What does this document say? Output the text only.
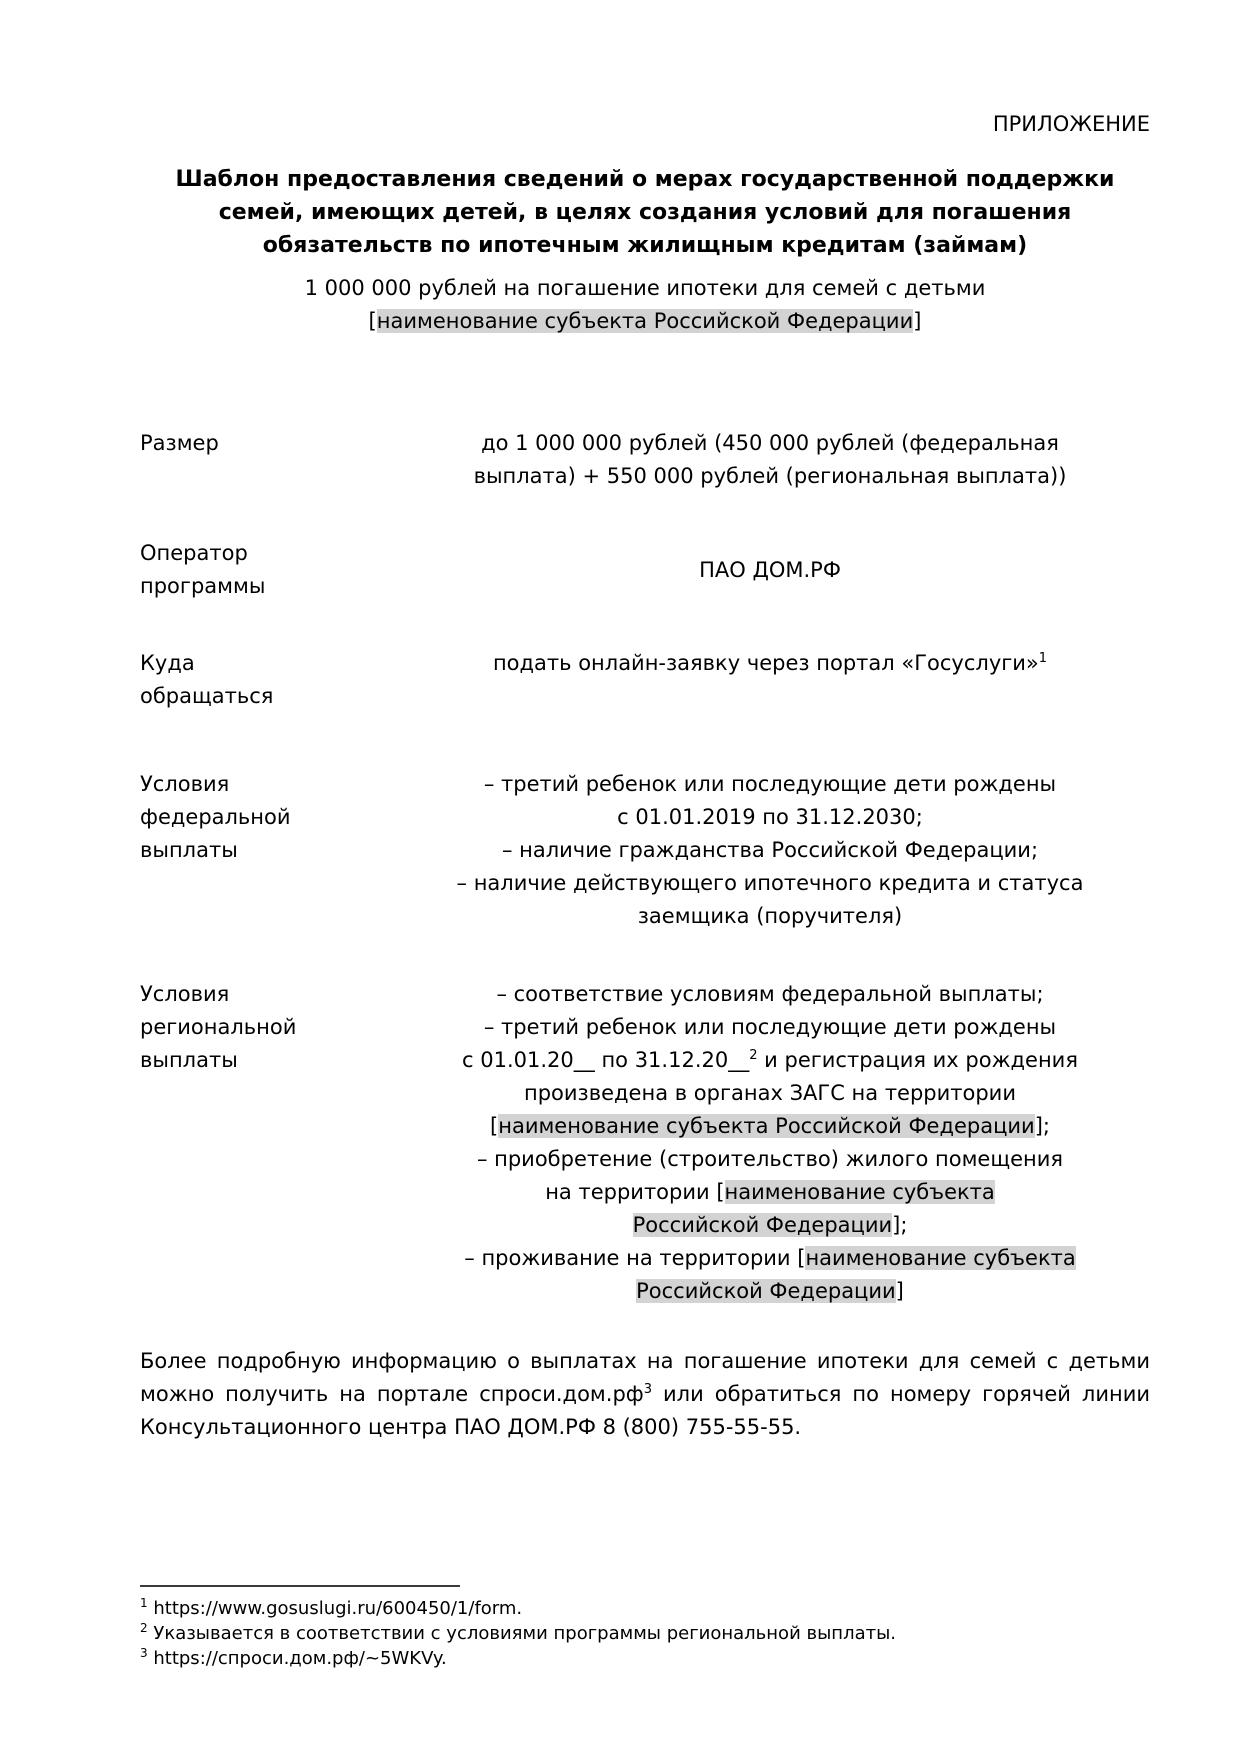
ПРИЛОЖЕНИЕ
Шаблон предоставления сведений о мерах государственной поддержки
семей, имеющих детей, в целях создания условий для погашения
обязательств по ипотечным жилищным кредитам (займам)
1 000 000 рублей на погашение ипотеки для семей с детьми
[наименование субъекта Российской Федерации]
Размер	до 1 000 000 рублей (450 000 рублей (федеральная
выплата) + 550 000 рублей (региональная выплата))
Оператор программы
ПАО ДОМ.РФ
Куда обращаться
подать онлайн-заявку через портал «Госуслуги»$^1$
Условия федеральной выплаты
– третий ребенок или последующие дети рождены
с 01.01.2019 по 31.12.2030;
– наличие гражданства Российской Федерации;
– наличие действующего ипотечного кредита и статуса
заемщика (поручителя)
Условия региональной выплаты
– соответствие условиям федеральной выплаты;
– третий ребенок или последующие дети рождены
с 01.01.20__ по 31.12.20__$^2$ и регистрация их рождения
произведена в органах ЗАГС на территории
[наименование субъекта Российской Федерации];
– приобретение (строительство) жилого помещения
на территории [наименование субъекта
Российской Федерации];
– проживание на территории [наименование субъекта
Российской Федерации]
Более подробную информацию о выплатах на погашение ипотеки для семей с детьми можно получить на портале $спроси.дом.рф^3$ или обратиться по номеру горячей линии Консультационного центра ПАО ДОМ.РФ 8 (800) 755-55-55.
$^1$ https://www.gosuslugi.ru/600450/1/form.
$^2$ Указывается в соответствии с условиями программы региональной выплаты.
$^3$ https://спроси.дом.рф/~5WKVy.
